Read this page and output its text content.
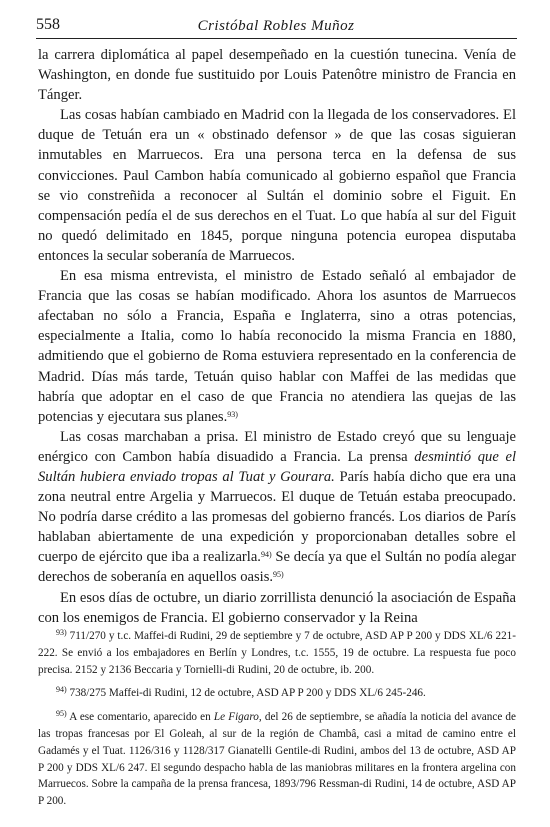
558	Cristóbal Robles Muñoz

la carrera diplomática al papel desempeñado en la cuestión tunecina. Venía de Washington, en donde fue sustituido por Louis Patenôtre ministro de Francia en Tánger.

Las cosas habían cambiado en Madrid con la llegada de los conservadores. El duque de Tetuán era un « obstinado defensor » de que las cosas siguieran inmutables en Marruecos. Era una persona terca en la defensa de sus convicciones. Paul Cambon había comunicado al gobierno español que Francia se vio constreñida a reconocer al Sultán el dominio sobre el Figuit. En compensación pedía el de sus derechos en el Tuat. Lo que había al sur del Figuit no quedó delimitado en 1845, porque ninguna potencia europea disputaba entonces la secular soberanía de Marruecos.

En esa misma entrevista, el ministro de Estado señaló al embajador de Francia que las cosas se habían modificado. Ahora los asuntos de Marruecos afectaban no sólo a Francia, España e Inglaterra, sino a otras potencias, especialmente a Italia, como lo había reconocido la misma Francia en 1880, admitiendo que el gobierno de Roma estuviera representado en la conferencia de Madrid. Días más tarde, Tetuán quiso hablar con Maffei de las medidas que habría que adoptar en el caso de que Francia no atendiera las quejas de las potencias y ejecutara sus planes.$^{93)}$

Las cosas marchaban a prisa. El ministro de Estado creyó que su lenguaje enérgico con Cambon había disuadido a Francia. La prensa desmintió que el Sultán hubiera enviado tropas al Tuat y Gourara. París había dicho que era una zona neutral entre Argelia y Marruecos. El duque de Tetuán estaba preocupado. No podría darse crédito a las promesas del gobierno francés. Los diarios de París hablaban abiertamente de una expedición y proporcionaban detalles sobre el cuerpo de ejército que iba a realizarla.$^{94)}$ Se decía ya que el Sultán no podía alegar derechos de soberanía en aquellos oasis.$^{95)}$

En esos días de octubre, un diario zorrillista denunció la asociación de España con los enemigos de Francia. El gobierno conservador y la Reina

$^{93)}$ 711/270 y t.c. Maffei-di Rudini, 29 de septiembre y 7 de octubre, ASD AP P 200 y DDS XL/6 221-222. Se envió a los embajadores en Berlín y Londres, t.c. 1555, 19 de octubre. La respuesta fue poco precisa. 2152 y 2136 Beccaria y Tornielli-di Rudini, 20 de octubre, ib. 200.

$^{94)}$ 738/275 Maffei-di Rudini, 12 de octubre, ASD AP P 200 y DDS XL/6 245-246.

$^{95)}$ A ese comentario, aparecido en Le Figaro, del 26 de septiembre, se añadía la noticia del avance de las tropas francesas por El Goleah, al sur de la región de Chambâ, casi a mitad de camino entre el Gadamés y el Tuat. 1126/316 y 1128/317 Gianatelli Gentile-di Rudini, ambos del 13 de octubre, ASD AP P 200 y DDS XL/6 247. El segundo despacho habla de las maniobras militares en la frontera argelina con Marruecos. Sobre la campaña de la prensa francesa, 1893/796 Ressman-di Rudini, 14 de octubre, ASD AP P 200.
